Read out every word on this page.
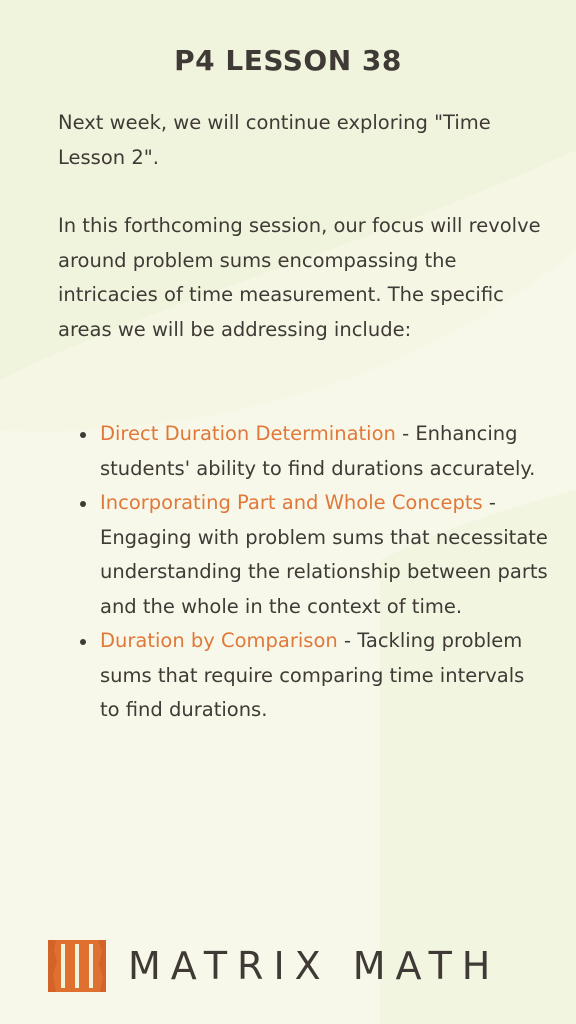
P4 LESSON 38

Next week, we will continue exploring "Time Lesson 2".

In this forthcoming session, our focus will revolve around problem sums encompassing the intricacies of time measurement. The specific areas we will be addressing include:

Direct Duration Determination - Enhancing students' ability to find durations accurately.
Incorporating Part and Whole Concepts - Engaging with problem sums that necessitate understanding the relationship between parts and the whole in the context of time.
Duration by Comparison - Tackling problem sums that require comparing time intervals to find durations.
MATRIX MATH
